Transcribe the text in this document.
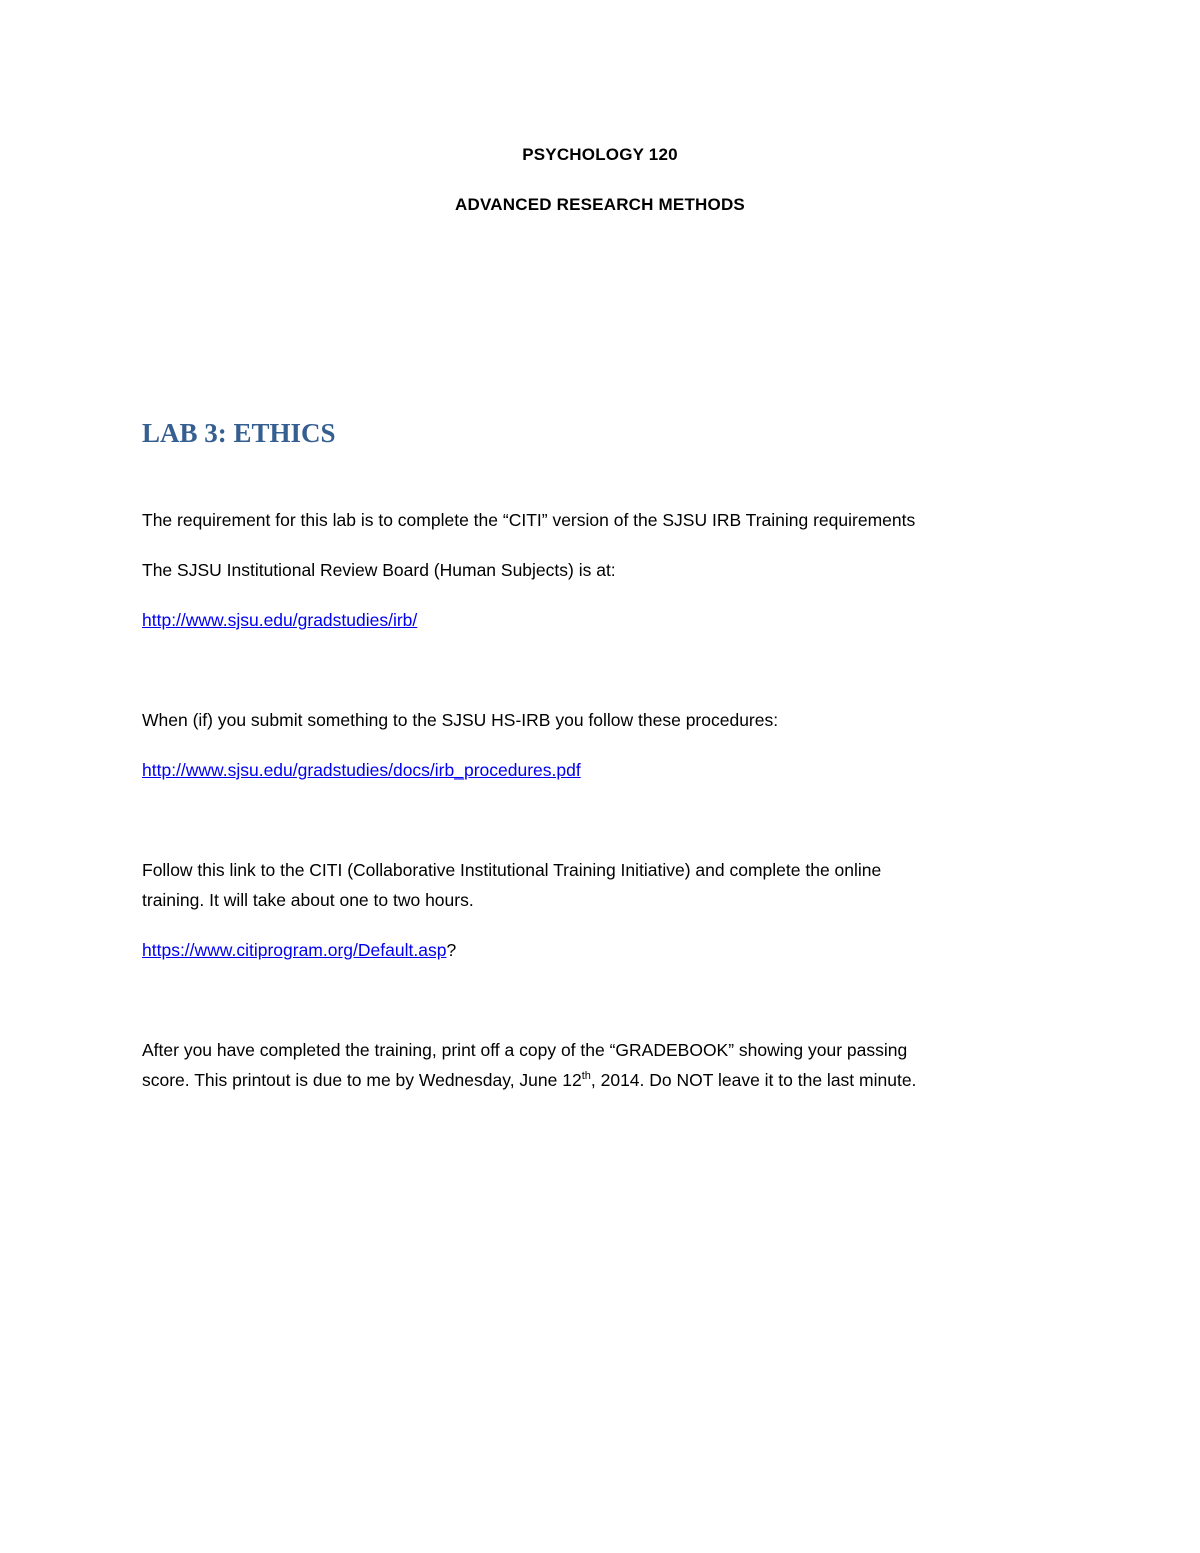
PSYCHOLOGY 120
ADVANCED RESEARCH METHODS
LAB 3: ETHICS

The requirement for this lab is to complete the “CITI” version of the SJSU IRB Training requirements

The SJSU Institutional Review Board (Human Subjects) is at:

http://www.sjsu.edu/gradstudies/irb/

When (if) you submit something to the SJSU HS-IRB you follow these procedures:

http://www.sjsu.edu/gradstudies/docs/irb_procedures.pdf

Follow this link to the CITI (Collaborative Institutional Training Initiative) and complete the online
training. It will take about one to two hours.

https://www.citiprogram.org/Default.asp?

After you have completed the training, print off a copy of the “GRADEBOOK” showing your passing
score. This printout is due to me by Wednesday, June 12th, 2014. Do NOT leave it to the last minute.
